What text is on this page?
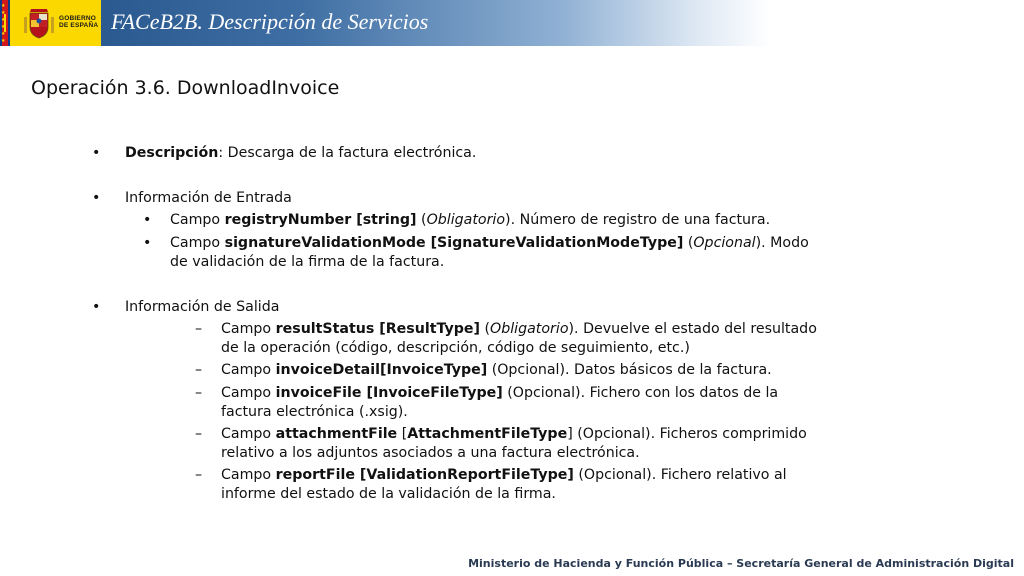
★
★
★
★
★
★
GOBIERNO
DE ESPAÑA FACeB2B. Descripción de Servicios
Operación 3.6. DownloadInvoice
• Descripción: Descarga de la factura electrónica.
• Información de Entrada
• Campo registryNumber [string] (Obligatorio). Número de registro de una factura.
• Campo signatureValidationMode [SignatureValidationModeType] (Opcional). Modo
de validación de la firma de la factura.
• Información de Salida
– Campo resultStatus [ResultType] (Obligatorio). Devuelve el estado del resultado
de la operación (código, descripción, código de seguimiento, etc.)
– Campo invoiceDetail[InvoiceType] (Opcional). Datos básicos de la factura.
– Campo invoiceFile [InvoiceFileType] (Opcional). Fichero con los datos de la
factura electrónica (.xsig).
– Campo attachmentFile [AttachmentFileType] (Opcional). Ficheros comprimido
relativo a los adjuntos asociados a una factura electrónica.
– Campo reportFile [ValidationReportFileType] (Opcional). Fichero relativo al
informe del estado de la validación de la firma.
Ministerio de Hacienda y Función Pública – Secretaría General de Administración Digital
